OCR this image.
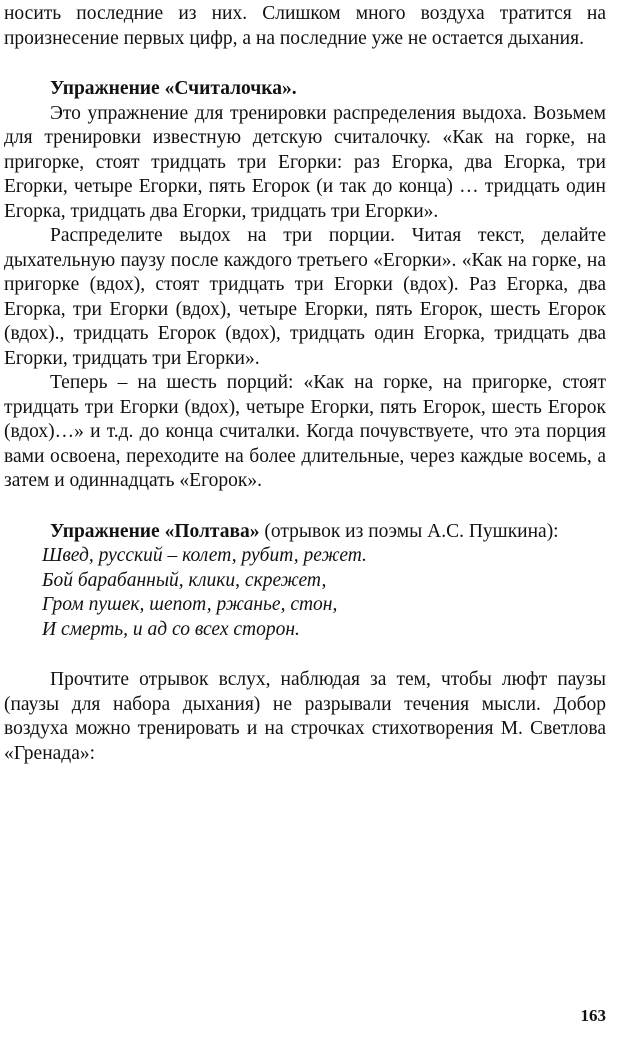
носить последние из них. Слишком много воздуха тратится на произнесение первых цифр, а на последние уже не остается дыхания.

Упражнение «Считалочка».

Это упражнение для тренировки распределения выдоха. Возьмем для тренировки известную детскую считалочку. «Как на горке, на пригорке, стоят тридцать три Егорки: раз Егорка, два Егорка, три Егорки, четыре Егорки, пять Егорок (и так до конца) … тридцать один Егорка, тридцать два Егорки, тридцать три Егорки».

Распределите выдох на три порции. Читая текст, делайте дыхательную паузу после каждого третьего «Егорки». «Как на горке, на пригорке (вдох), стоят тридцать три Егорки (вдох). Раз Егорка, два Егорка, три Егорки (вдох), четыре Егорки, пять Егорок, шесть Егорок (вдох)., тридцать Егорок (вдох), тридцать один Егорка, тридцать два Егорки, тридцать три Егорки».

Теперь – на шесть порций: «Как на горке, на пригорке, стоят тридцать три Егорки (вдох), четыре Егорки, пять Егорок, шесть Егорок (вдох)…» и т.д. до конца считалки. Когда почувствуете, что эта порция вами освоена, переходите на более длительные, через каждые восемь, а затем и одиннадцать «Егорок».

Упражнение «Полтава» (отрывок из поэмы А.С. Пушкина):

Швед, русский – колет, рубит, режет.
Бой барабанный, клики, скрежет,
Гром пушек, шепот, ржанье, стон,
И смерть, и ад со всех сторон.

Прочтите отрывок вслух, наблюдая за тем, чтобы люфт паузы (паузы для набора дыхания) не разрывали течения мысли. Добор воздуха можно тренировать и на строчках стихотворения М. Светлова «Гренада»:

163
